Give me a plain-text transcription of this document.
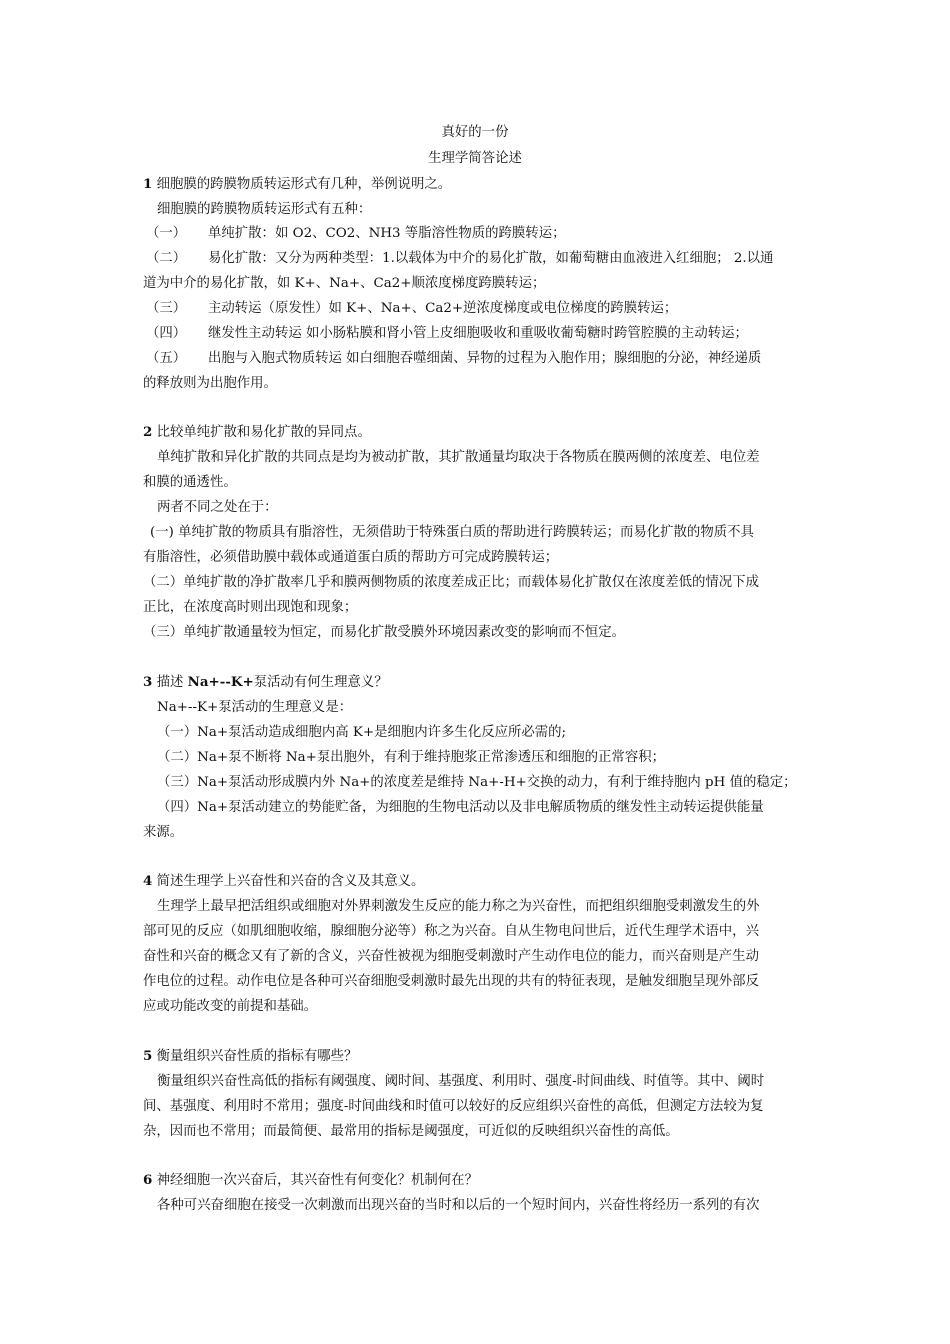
真好的一份
生理学简答论述
1 细胞膜的跨膜物质转运形式有几种，举例说明之。
细胞膜的跨膜物质转运形式有五种：
（一） 单纯扩散：如 O2、CO2、NH3 等脂溶性物质的跨膜转运；
（二） 易化扩散：又分为两种类型：1.以载体为中介的易化扩散，如葡萄糖由血液进入红细胞； 2.以通
道为中介的易化扩散，如 K+、Na+、Ca2+顺浓度梯度跨膜转运；
（三） 主动转运（原发性）如 K+、Na+、Ca2+逆浓度梯度或电位梯度的跨膜转运；
（四） 继发性主动转运 如小肠粘膜和肾小管上皮细胞吸收和重吸收葡萄糖时跨管腔膜的主动转运；
（五） 出胞与入胞式物质转运 如白细胞吞噬细菌、异物的过程为入胞作用；腺细胞的分泌，神经递质
的释放则为出胞作用。
2 比较单纯扩散和易化扩散的异同点。
单纯扩散和异化扩散的共同点是均为被动扩散，其扩散通量均取决于各物质在膜两侧的浓度差、电位差
和膜的通透性。
两者不同之处在于：
(一) 单纯扩散的物质具有脂溶性，无须借助于特殊蛋白质的帮助进行跨膜转运；而易化扩散的物质不具
有脂溶性，必须借助膜中载体或通道蛋白质的帮助方可完成跨膜转运；
（二）单纯扩散的净扩散率几乎和膜两侧物质的浓度差成正比；而载体易化扩散仅在浓度差低的情况下成
正比，在浓度高时则出现饱和现象；
（三）单纯扩散通量较为恒定，而易化扩散受膜外环境因素改变的影响而不恒定。
3 描述 Na+--K+泵活动有何生理意义？
Na+--K+泵活动的生理意义是：
（一）Na+泵活动造成细胞内高 K+是细胞内许多生化反应所必需的;
（二）Na+泵不断将 Na+泵出胞外，有利于维持胞浆正常渗透压和细胞的正常容积；
（三）Na+泵活动形成膜内外 Na+的浓度差是维持 Na+-H+交换的动力，有利于维持胞内 pH 值的稳定；
（四）Na+泵活动建立的势能贮备，为细胞的生物电活动以及非电解质物质的继发性主动转运提供能量
来源。
4 简述生理学上兴奋性和兴奋的含义及其意义。
生理学上最早把活组织或细胞对外界刺激发生反应的能力称之为兴奋性，而把组织细胞受刺激发生的外
部可见的反应（如肌细胞收缩，腺细胞分泌等）称之为兴奋。自从生物电问世后，近代生理学术语中，兴
奋性和兴奋的概念又有了新的含义，兴奋性被视为细胞受刺激时产生动作电位的能力，而兴奋则是产生动
作电位的过程。动作电位是各种可兴奋细胞受刺激时最先出现的共有的特征表现，是触发细胞呈现外部反
应或功能改变的前提和基础。
5 衡量组织兴奋性质的指标有哪些？
衡量组织兴奋性高低的指标有阈强度、阈时间、基强度、利用时、强度-时间曲线、时值等。其中、阈时
间、基强度、利用时不常用；强度-时间曲线和时值可以较好的反应组织兴奋性的高低，但测定方法较为复
杂，因而也不常用；而最简便、最常用的指标是阈强度，可近似的反映组织兴奋性的高低。
6 神经细胞一次兴奋后，其兴奋性有何变化？机制何在？
各种可兴奋细胞在接受一次刺激而出现兴奋的当时和以后的一个短时间内，兴奋性将经历一系列的有次
